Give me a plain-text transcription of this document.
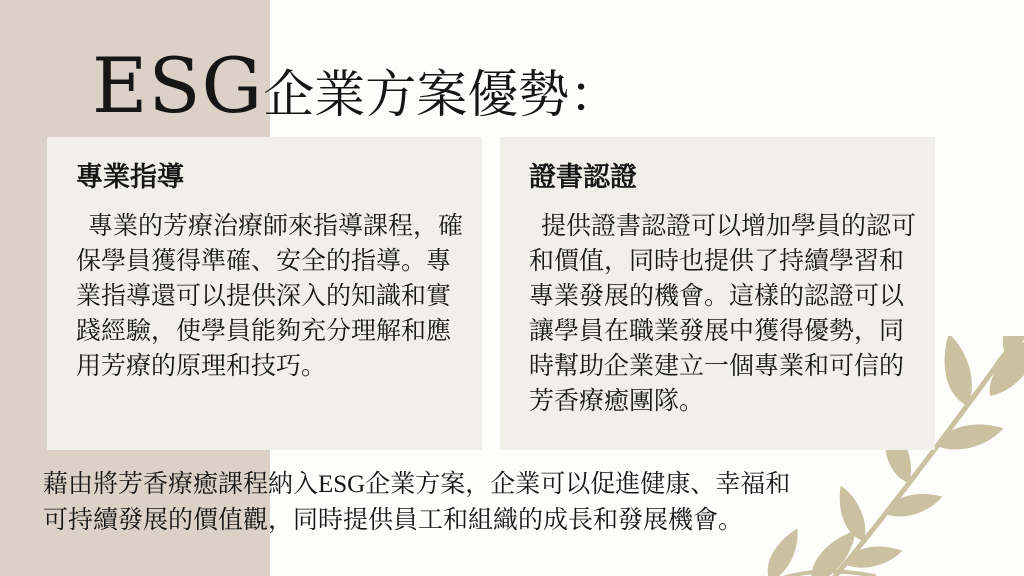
ESG企業方案優勢：
專業指導

專業的芳療治療師來指導課程，確保學員獲得準確、安全的指導。專業指導還可以提供深入的知識和實踐經驗，使學員能夠充分理解和應用芳療的原理和技巧。

證書認證

提供證書認證可以增加學員的認可和價值，同時也提供了持續學習和專業發展的機會。這樣的認證可以讓學員在職業發展中獲得優勢，同時幫助企業建立一個專業和可信的芳香療癒團隊。

藉由將芳香療癒課程納入ESG企業方案，企業可以促進健康、幸福和可持續發展的價值觀，同時提供員工和組織的成長和發展機會。
